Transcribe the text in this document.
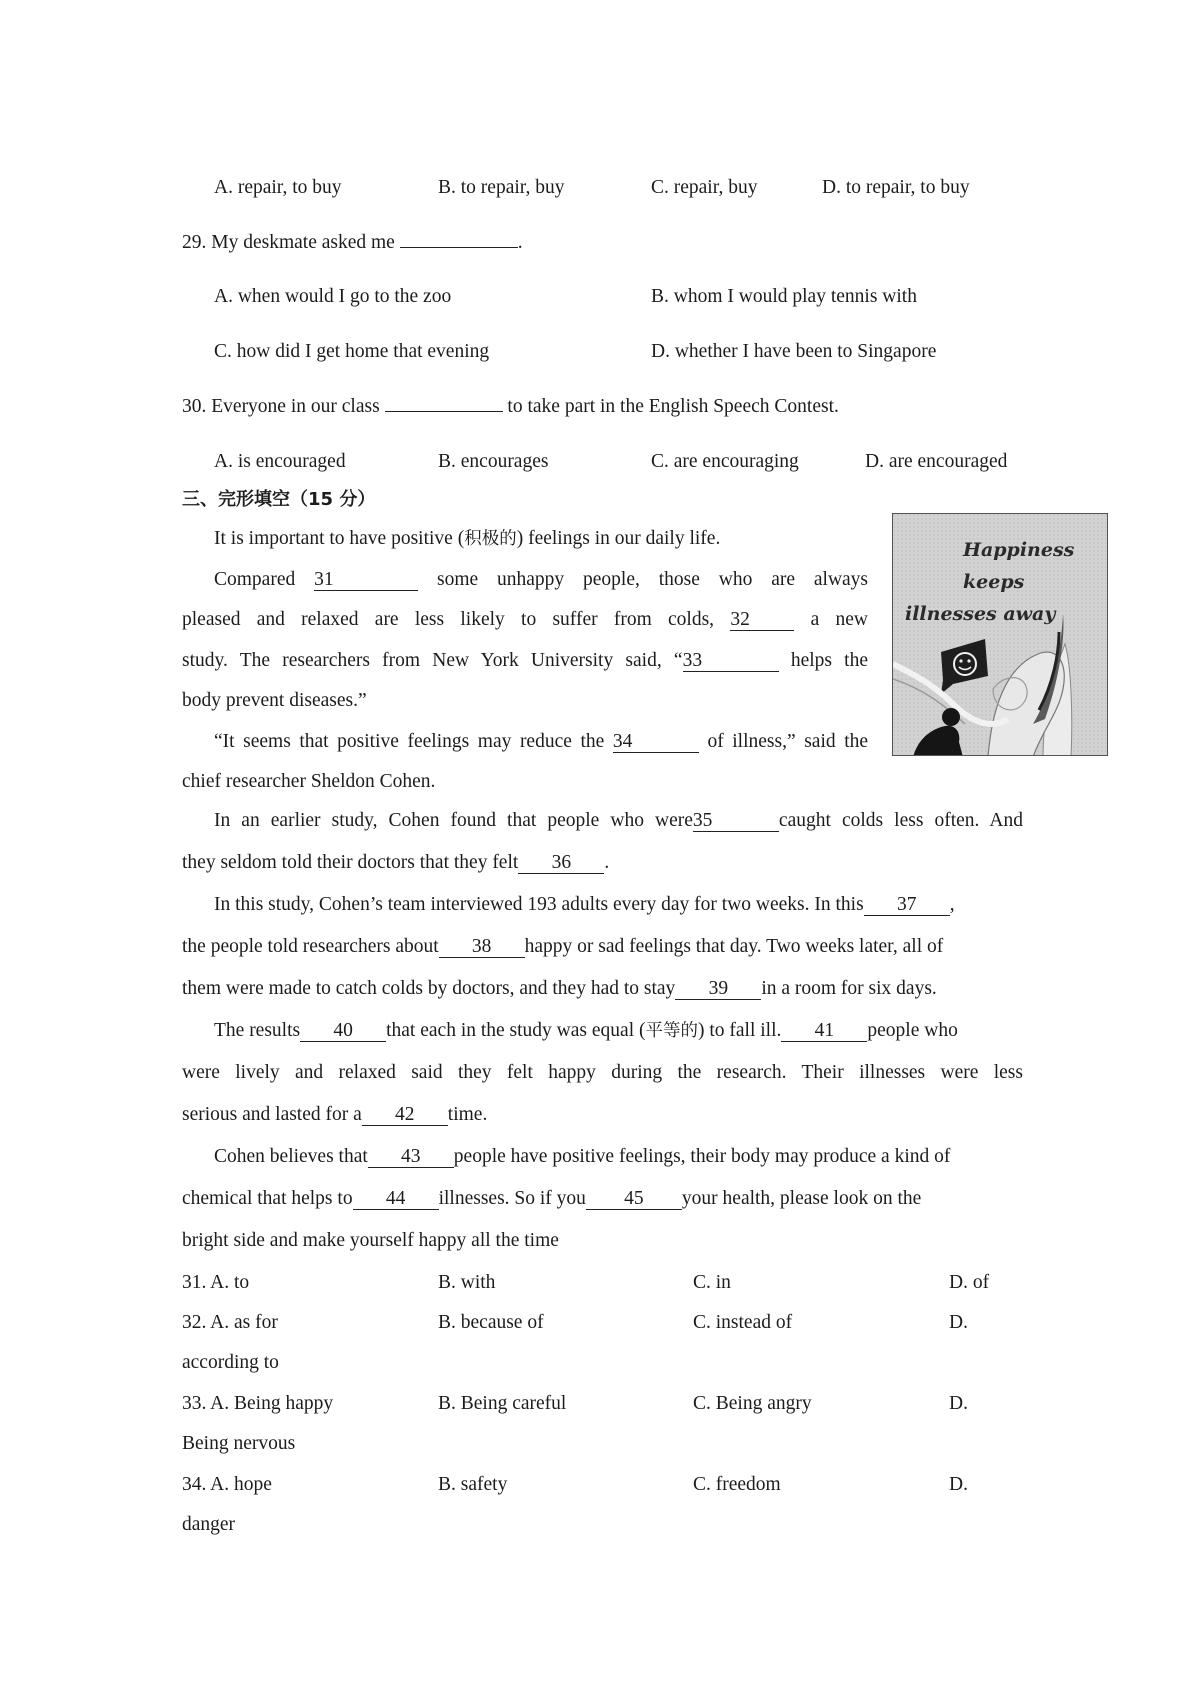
A. repair, to buy	B. to repair, buy	C. repair, buy	D. to repair, to buy
29. My deskmate asked me	.
A. when would I go to the zoo	B. whom I would play tennis with
C. how did I get home that evening	D. whether I have been to Singapore
30. Everyone in our class	to take part in the English Speech Contest.
A. is encouraged	B. encourages	C. are encouraging	D. are encouraged
三、完形填空（15 分）
Happiness keeps
illnesses away
It is important to have positive (积极的) feelings in our daily life.
Compared 31	some unhappy people, those who are always
pleased and relaxed are less likely to suffer from colds, 32	a new
study. The researchers from New York University said, “33	helps the
body prevent diseases.”
“It seems that positive feelings may reduce the 34	of illness,” said the
chief researcher Sheldon Cohen.
In an earlier study, Cohen found that people who were35	caught colds less often. And
they seldom told their doctors that they felt 36 .
In this study, Cohen’s team interviewed 193 adults every day for two weeks. In this 37 ,
the people told researchers about 38 happy or sad feelings that day. Two weeks later, all of
them were made to catch colds by doctors, and they had to stay 39 in a room for six days.
The results 40 that each in the study was equal (平等的) to fall ill. 41 people who
were lively and relaxed said they felt happy during the research. Their illnesses were less
serious and lasted for a 42 time.
Cohen believes that 43 people have positive feelings, their body may produce a kind of
chemical that helps to 44 illnesses. So if you 45 your health, please look on the
bright side and make yourself happy all the time
31. A. to	B. with	C. in	D. of
32. A. as for	B. because of	C. instead of	D.
according to
33. A. Being happy	B. Being careful	C. Being angry	D.
Being nervous
34. A. hope	B. safety	C. freedom	D.
danger
